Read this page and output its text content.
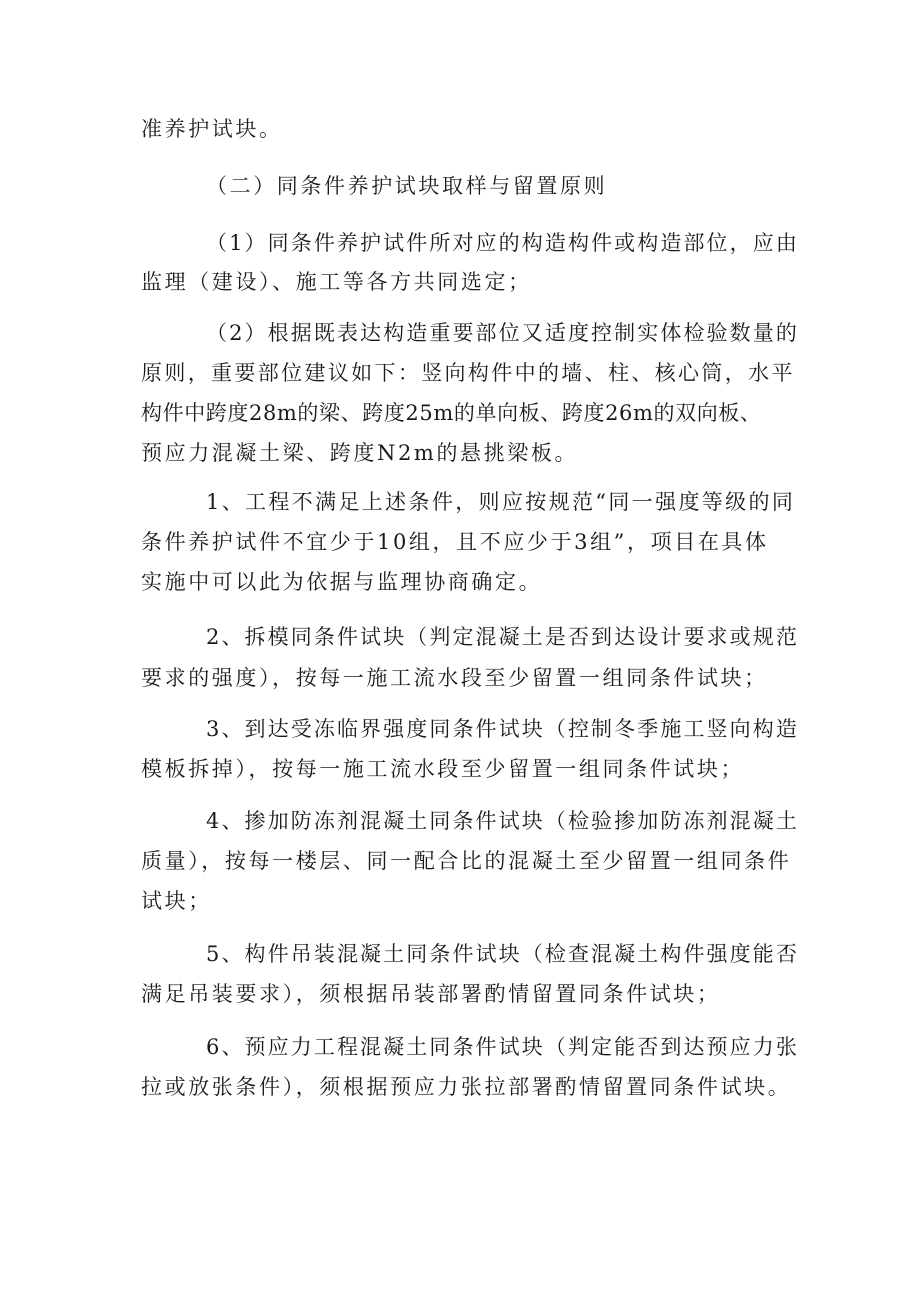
准养护试块。
（二）同条件养护试块取样与留置原则
（1）同条件养护试件所对应的构造构件或构造部位，应由
监理（建设）、施工等各方共同选定；
（2）根据既表达构造重要部位又适度控制实体检验数量的
原则，重要部位建议如下：竖向构件中的墙、柱、核心筒，水平
构件中跨度28m的梁、跨度25m的单向板、跨度26m的双向板、
预应力混凝土梁、跨度N2m的悬挑梁板。
1、工程不满足上述条件，则应按规范“同一强度等级的同
条件养护试件不宜少于10组，且不应少于3组”，项目在具体
实施中可以此为依据与监理协商确定。
2、拆模同条件试块（判定混凝土是否到达设计要求或规范
要求的强度），按每一施工流水段至少留置一组同条件试块；
3、到达受冻临界强度同条件试块（控制冬季施工竖向构造
模板拆掉），按每一施工流水段至少留置一组同条件试块；
4、掺加防冻剂混凝土同条件试块（检验掺加防冻剂混凝土
质量），按每一楼层、同一配合比的混凝土至少留置一组同条件
试块；
5、构件吊装混凝土同条件试块（检查混凝土构件强度能否
满足吊装要求），须根据吊装部署酌情留置同条件试块；
6、预应力工程混凝土同条件试块（判定能否到达预应力张
拉或放张条件），须根据预应力张拉部署酌情留置同条件试块。
